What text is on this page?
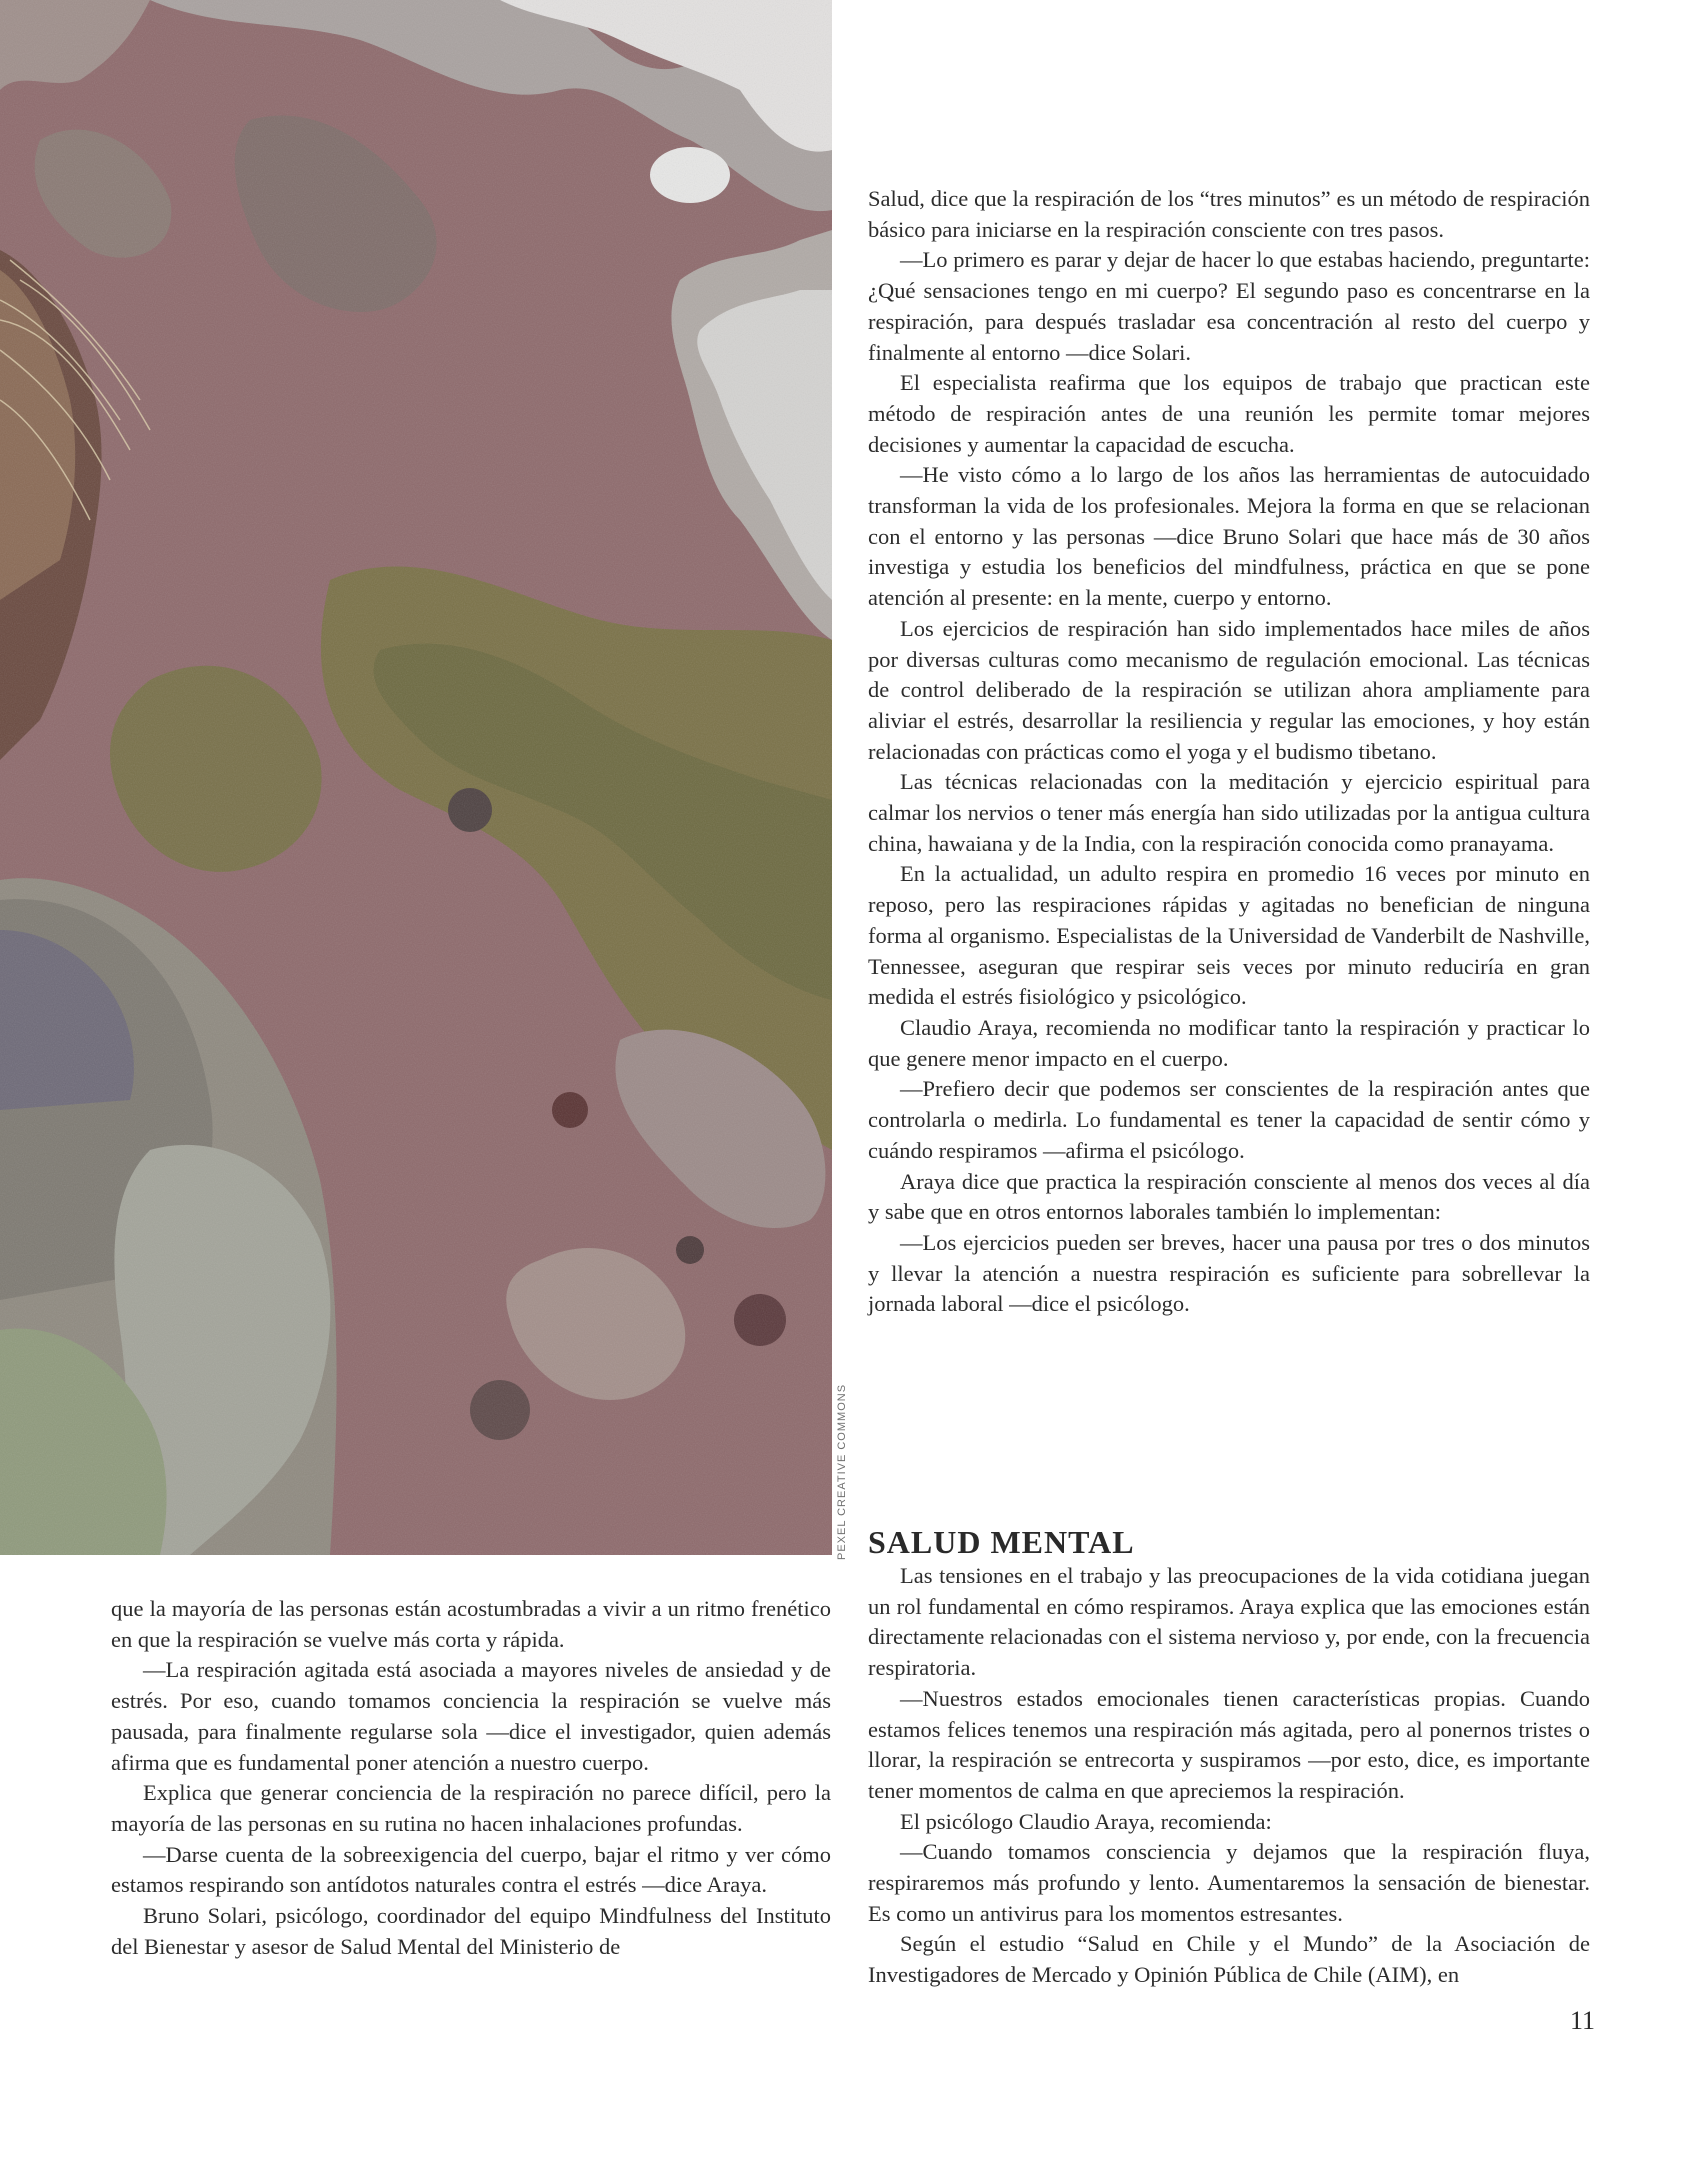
PEXEL CREATIVE COMMONS

que la mayoría de las personas están acostumbradas a vivir a un ritmo frenético en que la respiración se vuelve más corta y rápida.

—La respiración agitada está asociada a mayores niveles de ansiedad y de estrés. Por eso, cuando tomamos conciencia la respiración se vuelve más pausada, para finalmente regularse sola —dice el investigador, quien además afirma que es fundamental poner atención a nuestro cuerpo.

Explica que generar conciencia de la respiración no parece difícil, pero la mayoría de las personas en su rutina no hacen inhalaciones profundas.

—Darse cuenta de la sobreexigencia del cuerpo, bajar el ritmo y ver cómo estamos respirando son antídotos naturales contra el estrés —dice Araya.

Bruno Solari, psicólogo, coordinador del equipo Mindfulness del Instituto del Bienestar y asesor de Salud Mental del Ministerio de

Salud, dice que la respiración de los “tres minutos” es un método de respiración básico para iniciarse en la respiración consciente con tres pasos.

—Lo primero es parar y dejar de hacer lo que estabas haciendo, preguntarte: ¿Qué sensaciones tengo en mi cuerpo? El segundo paso es concentrarse en la respiración, para después trasladar esa concentración al resto del cuerpo y finalmente al entorno —dice Solari.

El especialista reafirma que los equipos de trabajo que practican este método de respiración antes de una reunión les permite tomar mejores decisiones y aumentar la capacidad de escucha.

—He visto cómo a lo largo de los años las herramientas de autocuidado transforman la vida de los profesionales. Mejora la forma en que se relacionan con el entorno y las personas —dice Bruno Solari que hace más de 30 años investiga y estudia los beneficios del mindfulness, práctica en que se pone atención al presente: en la mente, cuerpo y entorno.

Los ejercicios de respiración han sido implementados hace miles de años por diversas culturas como mecanismo de regulación emocional. Las técnicas de control deliberado de la respiración se utilizan ahora ampliamente para aliviar el estrés, desarrollar la resiliencia y regular las emociones, y hoy están relacionadas con prácticas como el yoga y el budismo tibetano.

Las técnicas relacionadas con la meditación y ejercicio espiritual para calmar los nervios o tener más energía han sido utilizadas por la antigua cultura china, hawaiana y de la India, con la respiración conocida como pranayama.

En la actualidad, un adulto respira en promedio 16 veces por minuto en reposo, pero las respiraciones rápidas y agitadas no benefician de ninguna forma al organismo. Especialistas de la Universidad de Vanderbilt de Nashville, Tennessee, aseguran que respirar seis veces por minuto reduciría en gran medida el estrés fisiológico y psicológico.

Claudio Araya, recomienda no modificar tanto la respiración y practicar lo que genere menor impacto en el cuerpo.

—Prefiero decir que podemos ser conscientes de la respiración antes que controlarla o medirla. Lo fundamental es tener la capacidad de sentir cómo y cuándo respiramos —afirma el psicólogo.

Araya dice que practica la respiración consciente al menos dos veces al día y sabe que en otros entornos laborales también lo implementan:

—Los ejercicios pueden ser breves, hacer una pausa por tres o dos minutos y llevar la atención a nuestra respiración es suficiente para sobrellevar la jornada laboral —dice el psicólogo.

SALUD MENTAL

Las tensiones en el trabajo y las preocupaciones de la vida cotidiana juegan un rol fundamental en cómo respiramos. Araya explica que las emociones están directamente relacionadas con el sistema nervioso y, por ende, con la frecuencia respiratoria.

—Nuestros estados emocionales tienen características propias. Cuando estamos felices tenemos una respiración más agitada, pero al ponernos tristes o llorar, la respiración se entrecorta y suspiramos —por esto, dice, es importante tener momentos de calma en que apreciemos la respiración.

El psicólogo Claudio Araya, recomienda:

—Cuando tomamos consciencia y dejamos que la respiración fluya, respiraremos más profundo y lento. Aumentaremos la sensación de bienestar. Es como un antivirus para los momentos estresantes.

Según el estudio “Salud en Chile y el Mundo” de la Asociación de Investigadores de Mercado y Opinión Pública de Chile (AIM), en

11
